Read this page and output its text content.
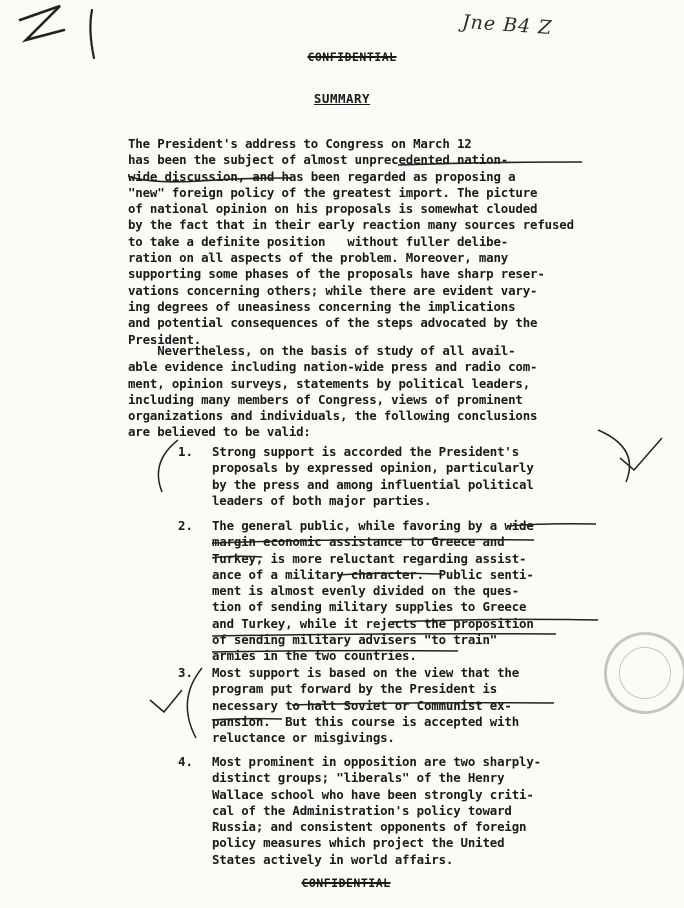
Jne B4 Z
CONFIDENTIAL
SUMMARY
The President's address to Congress on March 12
has been the subject of almost unprecedented nation-
wide discussion, and has been regarded as proposing a
"new" foreign policy of the greatest import. The picture
of national opinion on his proposals is somewhat clouded
by the fact that in their early reaction many sources refused
to take a definite position   without fuller delibe-
ration on all aspects of the problem. Moreover, many
supporting some phases of the proposals have sharp reser-
vations concerning others; while there are evident vary-
ing degrees of uneasiness concerning the implications
and potential consequences of the steps advocated by the
President.
Nevertheless, on the basis of study of all avail-
able evidence including nation-wide press and radio com-
ment, opinion surveys, statements by political leaders,
including many members of Congress, views of prominent
organizations and individuals, the following conclusions
are believed to be valid:
1. Strong support is accorded the President's
proposals by expressed opinion, particularly
by the press and among influential political
leaders of both major parties.
2. The general public, while favoring by a wide
margin economic assistance to Greece and
Turkey, is more reluctant regarding assist-
ance of a military character.  Public senti-
ment is almost evenly divided on the ques-
tion of sending military supplies to Greece
and Turkey, while it rejects the proposition
of sending military advisers "to train"
armies in the two countries.
3. Most support is based on the view that the
program put forward by the President is
necessary to halt Soviet or Communist ex-
pansion.  But this course is accepted with
reluctance or misgivings.
4. Most prominent in opposition are two sharply-
distinct groups; "liberals" of the Henry
Wallace school who have been strongly criti-
cal of the Administration's policy toward
Russia; and consistent opponents of foreign
policy measures which project the United
States actively in world affairs.
CONFIDENTIAL
